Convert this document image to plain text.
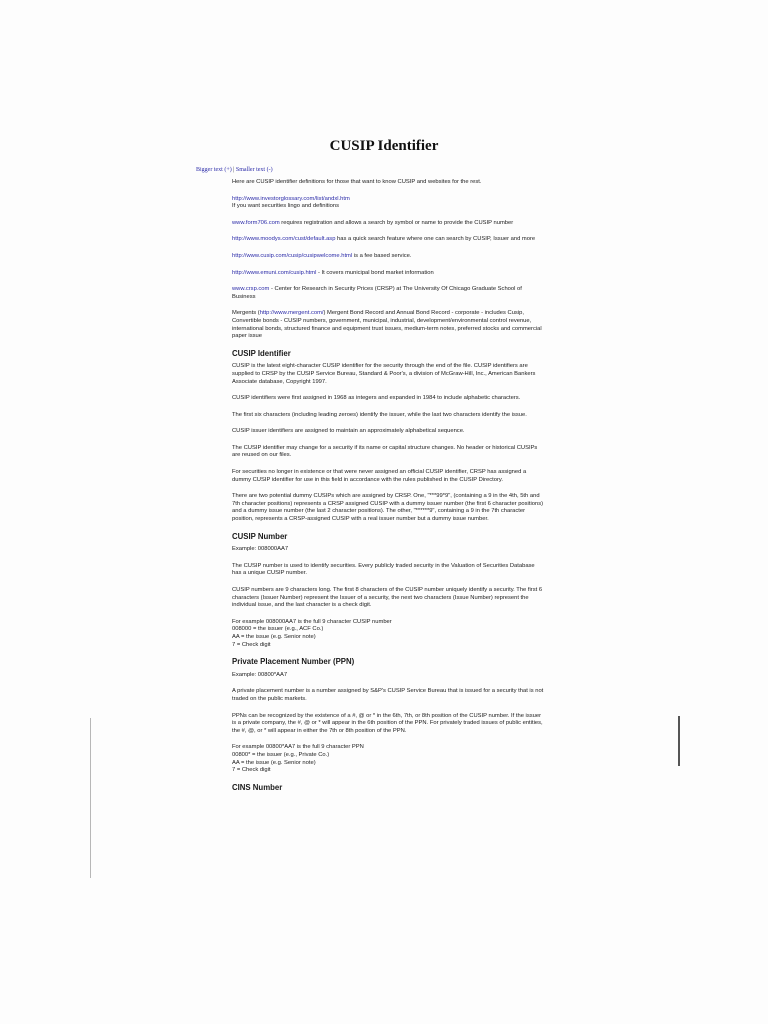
CUSIP Identifier
Bigger text (+) | Smaller text (-)

Here are CUSIP identifier definitions for those that want to know CUSIP and websites for the rest.

http://www.investorglossary.com/list/andxl.htm
If you want securities lingo and definitions

www.form706.com requires registration and allows a search by symbol or name to provide the CUSIP number

http://www.moodys.com/cust/default.asp has a quick search feature where one can search by CUSIP, Issuer and more

http://www.cusip.com/cusip/cusipwelcome.html is a fee based service.

http://www.emuni.com/cusip.html - It covers municipal bond market information

www.crsp.com - Center for Research in Security Prices (CRSP) at The University Of Chicago Graduate School of Business

Mergents (http://www.mergent.com/) Mergent Bond Record and Annual Bond Record - corporate - includes Cusip, Convertible bonds - CUSIP numbers, government, municipal, industrial, development/environmental control revenue, international bonds, structured finance and equipment trust issues, medium-term notes, preferred stocks and commercial paper issue

CUSIP Identifier

CUSIP is the latest eight-character CUSIP identifier for the security through the end of the file. CUSIP identifiers are supplied to CRSP by the CUSIP Service Bureau, Standard & Poor's, a division of McGraw-Hill, Inc., American Bankers Associate database, Copyright 1997.

CUSIP identifiers were first assigned in 1968 as integers and expanded in 1984 to include alphabetic characters.

The first six characters (including leading zeroes) identify the issuer, while the last two characters identify the issue.

CUSIP issuer identifiers are assigned to maintain an approximately alphabetical sequence.

The CUSIP identifier may change for a security if its name or capital structure changes. No header or historical CUSIPs are reused on our files.

For securities no longer in existence or that were never assigned an official CUSIP identifier, CRSP has assigned a dummy CUSIP identifier for use in this field in accordance with the rules published in the CUSIP Directory.

There are two potential dummy CUSIPs which are assigned by CRSP. One, "***99*9", (containing a 9 in the 4th, 5th and 7th character positions) represents a CRSP assigned CUSIP with a dummy issuer number (the first 6 character positions) and a dummy issue number (the last 2 character positions). The other, "******9", containing a 9 in the 7th character position, represents a CRSP-assigned CUSIP with a real issuer number but a dummy issue number.

CUSIP Number

Example: 008000AA7

The CUSIP number is used to identify securities. Every publicly traded security in the Valuation of Securities Database has a unique CUSIP number.

CUSIP numbers are 9 characters long. The first 8 characters of the CUSIP number uniquely identify a security. The first 6 characters (Issuer Number) represent the Issuer of a security, the next two characters (Issue Number) represent the individual issue, and the last character is a check digit.

For example 008000AA7 is the full 9 character CUSIP number
008000 = the issuer (e.g., ACF Co.)
AA = the issue (e.g. Senior note)
7 = Check digit

Private Placement Number (PPN)

Example: 00800*AA7

A private placement number is a number assigned by S&P's CUSIP Service Bureau that is issued for a security that is not traded on the public markets.

PPNs can be recognized by the existence of a #, @ or * in the 6th, 7th, or 8th position of the CUSIP number. If the issuer is a private company, the #, @ or * will appear in the 6th position of the PPN. For privately traded issues of public entities, the #, @, or * will appear in either the 7th or 8th position of the PPN.

For example 00800*AA7 is the full 9 character PPN
00800* = the issuer (e.g., Private Co.)
AA = the issue (e.g. Senior note)
7 = Check digit

CINS Number
